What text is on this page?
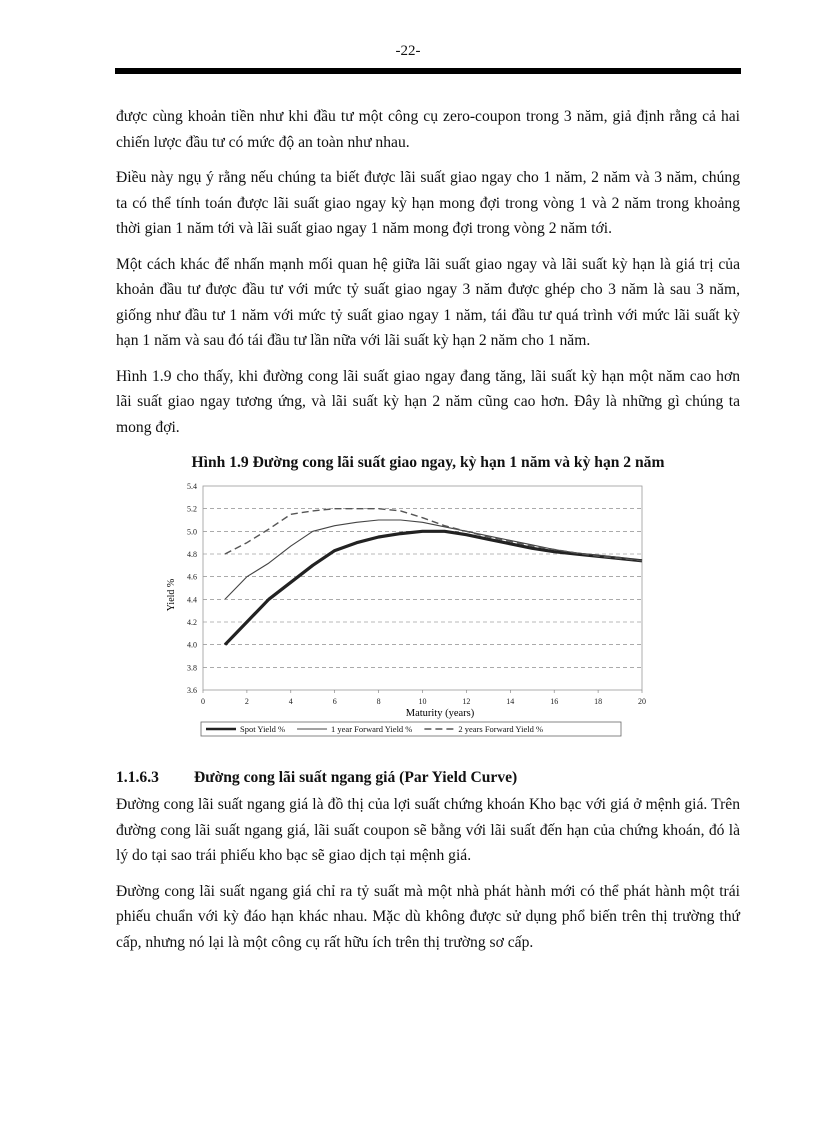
-22-

được cùng khoản tiền như khi đầu tư một công cụ zero-coupon trong 3 năm, giả định rằng cả hai chiến lược đầu tư có mức độ an toàn như nhau.

Điều này ngụ ý rằng nếu chúng ta biết được lãi suất giao ngay cho 1 năm, 2 năm và 3 năm, chúng ta có thể tính toán được lãi suất giao ngay kỳ hạn mong đợi trong vòng 1 và 2 năm trong khoảng thời gian 1 năm tới và lãi suất giao ngay 1 năm mong đợi trong vòng 2 năm tới.

Một cách khác để nhấn mạnh mối quan hệ giữa lãi suất giao ngay và lãi suất kỳ hạn là giá trị của khoản đầu tư được đầu tư với mức tỷ suất giao ngay 3 năm được ghép cho 3 năm là sau 3 năm, giống như đầu tư 1 năm với mức tỷ suất giao ngay 1 năm, tái đầu tư quá trình với mức lãi suất kỳ hạn 1 năm và sau đó tái đầu tư lần nữa với lãi suất kỳ hạn 2 năm cho 1 năm.

Hình 1.9 cho thấy, khi đường cong lãi suất giao ngay đang tăng, lãi suất kỳ hạn một năm cao hơn lãi suất giao ngay tương ứng, và lãi suất kỳ hạn 2 năm cũng cao hơn. Đây là những gì chúng ta mong đợi.

Hình 1.9 Đường cong lãi suất giao ngay, kỳ hạn 1 năm và kỳ hạn 2 năm
3.6
3.8
4.0
4.2
4.4
4.6
4.8
5.0
5.2
5.4
0	2	4	6	8	10	12	14	16	18	20
Yield %
Maturity (years)
Spot Yield %	1 year Forward Yield %	2 years Forward Yield %
1.1.6.3 Đường cong lãi suất ngang giá (Par Yield Curve)

Đường cong lãi suất ngang giá là đồ thị của lợi suất chứng khoán Kho bạc với giá ở mệnh giá. Trên đường cong lãi suất ngang giá, lãi suất coupon sẽ bằng với lãi suất đến hạn của chứng khoán, đó là lý do tại sao trái phiếu kho bạc sẽ giao dịch tại mệnh giá.

Đường cong lãi suất ngang giá chỉ ra tỷ suất mà một nhà phát hành mới có thể phát hành một trái phiếu chuẩn với kỳ đáo hạn khác nhau. Mặc dù không được sử dụng phổ biến trên thị trường thứ cấp, nhưng nó lại là một công cụ rất hữu ích trên thị trường sơ cấp.
